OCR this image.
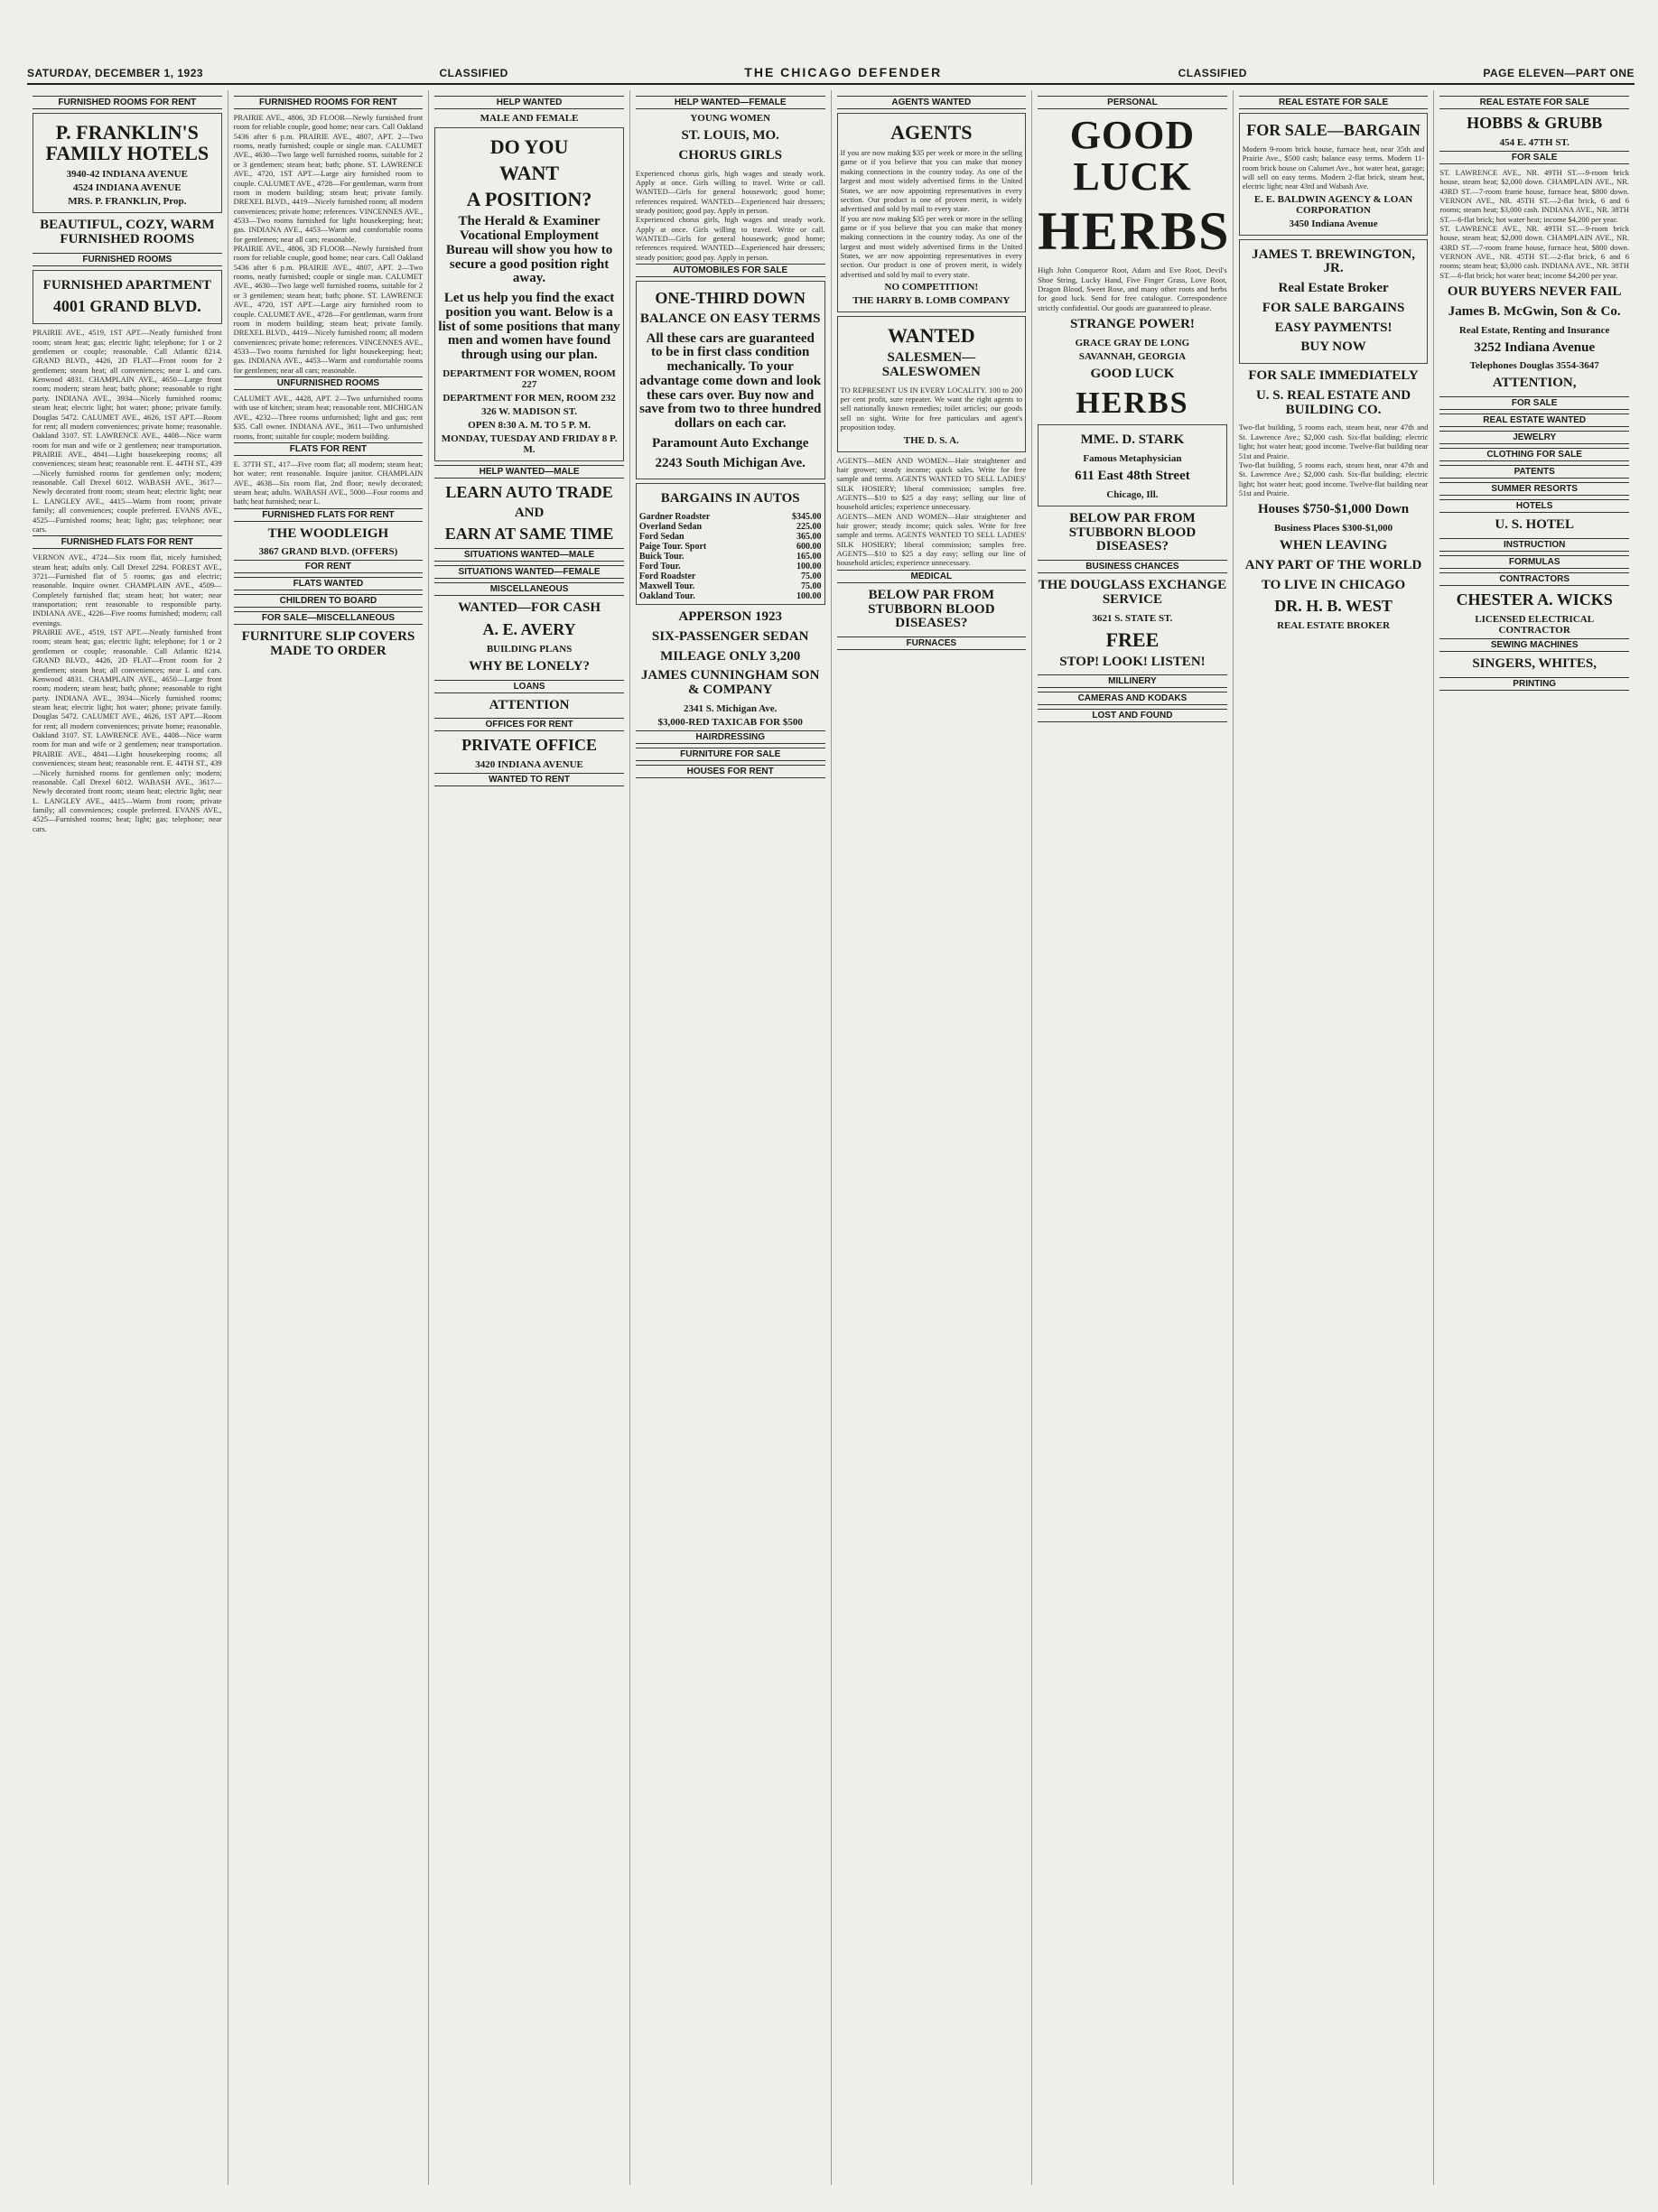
SATURDAY, DECEMBER 1, 1923	CLASSIFIED	THE CHICAGO DEFENDER	CLASSIFIED	PAGE ELEVEN—PART ONE
FURNISHED ROOMS FOR RENT
P. FRANKLIN'S FAMILY HOTELS
3940-42 INDIANA AVENUE
4524 INDIANA AVENUE
MRS. P. FRANKLIN, Prop.
BEAUTIFUL, COZY, WARM FURNISHED ROOMS
FURNISHED ROOMS
FURNISHED APARTMENT
4001 GRAND BLVD.
PRAIRIE AVE., 4519, 1ST APT.—Neatly furnished front room; steam heat; gas; electric light; telephone; for 1 or 2 gentlemen or couple; reasonable. Call Atlantic 8214. GRAND BLVD., 4426, 2D FLAT—Front room for 2 gentlemen; steam heat; all conveniences; near L and cars. Kenwood 4831. CHAMPLAIN AVE., 4650—Large front room; modern; steam heat; bath; phone; reasonable to right party. INDIANA AVE., 3934—Nicely furnished rooms; steam heat; electric light; hot water; phone; private family. Douglas 5472. CALUMET AVE., 4626, 1ST APT.—Room for rent; all modern conveniences; private home; reasonable. Oakland 3107. ST. LAWRENCE AVE., 4408—Nice warm room for man and wife or 2 gentlemen; near transportation. PRAIRIE AVE., 4841—Light housekeeping rooms; all conveniences; steam heat; reasonable rent. E. 44TH ST., 439—Nicely furnished rooms for gentlemen only; modern; reasonable. Call Drexel 6012. WABASH AVE., 3617—Newly decorated front room; steam heat; electric light; near L. LANGLEY AVE., 4415—Warm front room; private family; all conveniences; couple preferred. EVANS AVE., 4525—Furnished rooms; heat; light; gas; telephone; near cars.
FURNISHED FLATS FOR RENT
VERNON AVE., 4724—Six room flat, nicely furnished; steam heat; adults only. Call Drexel 2294. FOREST AVE., 3721—Furnished flat of 5 rooms; gas and electric; reasonable. Inquire owner. CHAMPLAIN AVE., 4509—Completely furnished flat; steam heat; hot water; near transportation; rent reasonable to responsible party. INDIANA AVE., 4226—Five rooms furnished; modern; call evenings.
PRAIRIE AVE., 4519, 1ST APT.—Neatly furnished front room; steam heat; gas; electric light; telephone; for 1 or 2 gentlemen or couple; reasonable. Call Atlantic 8214. GRAND BLVD., 4426, 2D FLAT—Front room for 2 gentlemen; steam heat; all conveniences; near L and cars. Kenwood 4831. CHAMPLAIN AVE., 4650—Large front room; modern; steam heat; bath; phone; reasonable to right party. INDIANA AVE., 3934—Nicely furnished rooms; steam heat; electric light; hot water; phone; private family. Douglas 5472. CALUMET AVE., 4626, 1ST APT.—Room for rent; all modern conveniences; private home; reasonable. Oakland 3107. ST. LAWRENCE AVE., 4408—Nice warm room for man and wife or 2 gentlemen; near transportation. PRAIRIE AVE., 4841—Light housekeeping rooms; all conveniences; steam heat; reasonable rent. E. 44TH ST., 439—Nicely furnished rooms for gentlemen only; modern; reasonable. Call Drexel 6012. WABASH AVE., 3617—Newly decorated front room; steam heat; electric light; near L. LANGLEY AVE., 4415—Warm front room; private family; all conveniences; couple preferred. EVANS AVE., 4525—Furnished rooms; heat; light; gas; telephone; near cars.
FURNISHED ROOMS FOR RENT
PRAIRIE AVE., 4806, 3D FLOOR—Newly furnished front room for reliable couple, good home; near cars. Call Oakland 5436 after 6 p.m. PRAIRIE AVE., 4807, APT. 2—Two rooms, neatly furnished; couple or single man. CALUMET AVE., 4630—Two large well furnished rooms, suitable for 2 or 3 gentlemen; steam heat; bath; phone. ST. LAWRENCE AVE., 4720, 1ST APT.—Large airy furnished room to couple. CALUMET AVE., 4728—For gentleman, warm front room in modern building; steam heat; private family. DREXEL BLVD., 4419—Nicely furnished room; all modern conveniences; private home; references. VINCENNES AVE., 4533—Two rooms furnished for light housekeeping; heat; gas. INDIANA AVE., 4453—Warm and comfortable rooms for gentlemen; near all cars; reasonable.
PRAIRIE AVE., 4806, 3D FLOOR—Newly furnished front room for reliable couple, good home; near cars. Call Oakland 5436 after 6 p.m. PRAIRIE AVE., 4807, APT. 2—Two rooms, neatly furnished; couple or single man. CALUMET AVE., 4630—Two large well furnished rooms, suitable for 2 or 3 gentlemen; steam heat; bath; phone. ST. LAWRENCE AVE., 4720, 1ST APT.—Large airy furnished room to couple. CALUMET AVE., 4728—For gentleman, warm front room in modern building; steam heat; private family. DREXEL BLVD., 4419—Nicely furnished room; all modern conveniences; private home; references. VINCENNES AVE., 4533—Two rooms furnished for light housekeeping; heat; gas. INDIANA AVE., 4453—Warm and comfortable rooms for gentlemen; near all cars; reasonable.
UNFURNISHED ROOMS
CALUMET AVE., 4428, APT. 2—Two unfurnished rooms with use of kitchen; steam heat; reasonable rent. MICHIGAN AVE., 4232—Three rooms unfurnished; light and gas; rent $35. Call owner. INDIANA AVE., 3611—Two unfurnished rooms, front; suitable for couple; modern building.
FLATS FOR RENT
E. 37TH ST., 417—Five room flat; all modern; steam heat; hot water; rent reasonable. Inquire janitor. CHAMPLAIN AVE., 4638—Six room flat, 2nd floor; newly decorated; steam heat; adults. WABASH AVE., 5000—Four rooms and bath; heat furnished; near L.
FURNISHED FLATS FOR RENT
THE WOODLEIGH
3867 GRAND BLVD. (OFFERS)
FOR RENT
FLATS WANTED
CHILDREN TO BOARD
FOR SALE—MISCELLANEOUS
FURNITURE SLIP COVERS MADE TO ORDER
HELP WANTED
MALE AND FEMALE
DO YOU
WANT
A POSITION?
The Herald & Examiner Vocational Employment Bureau will show you how to secure a good position right away.
Let us help you find the exact position you want. Below is a list of some positions that many men and women have found through using our plan.
DEPARTMENT FOR WOMEN, ROOM 227
DEPARTMENT FOR MEN, ROOM 232
326 W. MADISON ST.
OPEN 8:30 A. M. TO 5 P. M.
MONDAY, TUESDAY AND FRIDAY 8 P. M.
HELP WANTED—MALE
LEARN AUTO TRADE
AND
EARN AT SAME TIME
SITUATIONS WANTED—MALE
SITUATIONS WANTED—FEMALE
MISCELLANEOUS
WANTED—FOR CASH
A. E. AVERY
BUILDING PLANS
WHY BE LONELY?
LOANS
ATTENTION
OFFICES FOR RENT
PRIVATE OFFICE
3420 INDIANA AVENUE
WANTED TO RENT
HELP WANTED—FEMALE
YOUNG WOMEN
ST. LOUIS, MO.
CHORUS GIRLS
Experienced chorus girls, high wages and steady work. Apply at once. Girls willing to travel. Write or call. WANTED—Girls for general housework; good home; references required. WANTED—Experienced hair dressers; steady position; good pay. Apply in person.
Experienced chorus girls, high wages and steady work. Apply at once. Girls willing to travel. Write or call. WANTED—Girls for general housework; good home; references required. WANTED—Experienced hair dressers; steady position; good pay. Apply in person.
AUTOMOBILES FOR SALE
ONE-THIRD DOWN
BALANCE ON EASY TERMS
All these cars are guaranteed to be in first class condition mechanically. To your advantage come down and look these cars over. Buy now and save from two to three hundred dollars on each car.
Paramount Auto Exchange
2243 South Michigan Ave.
BARGAINS IN AUTOS
Gardner Roadster	$345.00
Overland Sedan	225.00
Ford Sedan	365.00
Paige Tour. Sport	600.00
Buick Tour.	165.00
Ford Tour.	100.00
Ford Roadster	75.00
Maxwell Tour.	75.00
Oakland Tour.	100.00
APPERSON 1923
SIX-PASSENGER SEDAN
MILEAGE ONLY 3,200
JAMES CUNNINGHAM SON & COMPANY
2341 S. Michigan Ave.
$3,000-RED TAXICAB FOR $500
HAIRDRESSING
FURNITURE FOR SALE
HOUSES FOR RENT
AGENTS WANTED
AGENTS
If you are now making $35 per week or more in the selling game or if you believe that you can make that money making connections in the country today. As one of the largest and most widely advertised firms in the United States, we are now appointing representatives in every section. Our product is one of proven merit, is widely advertised and sold by mail to every state.
If you are now making $35 per week or more in the selling game or if you believe that you can make that money making connections in the country today. As one of the largest and most widely advertised firms in the United States, we are now appointing representatives in every section. Our product is one of proven merit, is widely advertised and sold by mail to every state.
NO COMPETITION!
THE HARRY B. LOMB COMPANY
WANTED
SALESMEN—SALESWOMEN
TO REPRESENT US IN EVERY LOCALITY. 100 to 200 per cent profit, sure repeater. We want the right agents to sell nationally known remedies; toilet articles; our goods sell on sight. Write for free particulars and agent's proposition today.
THE D. S. A.
AGENTS—MEN AND WOMEN—Hair straightener and hair grower; steady income; quick sales. Write for free sample and terms. AGENTS WANTED TO SELL LADIES' SILK HOSIERY; liberal commission; samples free. AGENTS—$10 to $25 a day easy; selling our line of household articles; experience unnecessary.
AGENTS—MEN AND WOMEN—Hair straightener and hair grower; steady income; quick sales. Write for free sample and terms. AGENTS WANTED TO SELL LADIES' SILK HOSIERY; liberal commission; samples free. AGENTS—$10 to $25 a day easy; selling our line of household articles; experience unnecessary.
MEDICAL
BELOW PAR FROM STUBBORN BLOOD DISEASES?
FURNACES
PERSONAL
GOOD LUCK
HERBS
High John Conqueror Root, Adam and Eve Root, Devil's Shoe String, Lucky Hand, Five Finger Grass, Love Root, Dragon Blood, Sweet Rose, and many other roots and herbs for good luck. Send for free catalogue. Correspondence strictly confidential. Our goods are guaranteed to please.
STRANGE POWER!
GRACE GRAY DE LONG
SAVANNAH, GEORGIA
GOOD LUCK
HERBS
MME. D. STARK
Famous Metaphysician
611 East 48th Street
Chicago, Ill.
BELOW PAR FROM STUBBORN BLOOD DISEASES?
BUSINESS CHANCES
THE DOUGLASS EXCHANGE SERVICE
3621 S. STATE ST.
FREE
STOP! LOOK! LISTEN!
MILLINERY
CAMERAS AND KODAKS
LOST AND FOUND
REAL ESTATE FOR SALE
FOR SALE—BARGAIN
Modern 9-room brick house, furnace heat, near 35th and Prairie Ave., $500 cash; balance easy terms. Modern 11-room brick house on Calumet Ave., hot water heat, garage; will sell on easy terms. Modern 2-flat brick, steam heat, electric light; near 43rd and Wabash Ave.
E. E. BALDWIN AGENCY & LOAN CORPORATION
3450 Indiana Avenue
JAMES T. BREWINGTON, JR.
Real Estate Broker
FOR SALE BARGAINS
EASY PAYMENTS!
BUY NOW
FOR SALE IMMEDIATELY
U. S. REAL ESTATE AND BUILDING CO.
Two-flat building, 5 rooms each, steam heat, near 47th and St. Lawrence Ave.; $2,000 cash. Six-flat building; electric light; hot water heat; good income. Twelve-flat building near 51st and Prairie.
Two-flat building, 5 rooms each, steam heat, near 47th and St. Lawrence Ave.; $2,000 cash. Six-flat building; electric light; hot water heat; good income. Twelve-flat building near 51st and Prairie.
Houses $750-$1,000 Down
Business Places $300-$1,000
WHEN LEAVING
ANY PART OF THE WORLD
TO LIVE IN CHICAGO
DR. H. B. WEST
REAL ESTATE BROKER
REAL ESTATE FOR SALE
HOBBS & GRUBB
454 E. 47TH ST.
FOR SALE
ST. LAWRENCE AVE., NR. 49TH ST.—9-room brick house, steam heat; $2,000 down. CHAMPLAIN AVE., NR. 43RD ST.—7-room frame house, furnace heat, $800 down. VERNON AVE., NR. 45TH ST.—2-flat brick, 6 and 6 rooms; steam heat; $3,000 cash. INDIANA AVE., NR. 38TH ST.—6-flat brick; hot water heat; income $4,200 per year.
ST. LAWRENCE AVE., NR. 49TH ST.—9-room brick house, steam heat; $2,000 down. CHAMPLAIN AVE., NR. 43RD ST.—7-room frame house, furnace heat, $800 down. VERNON AVE., NR. 45TH ST.—2-flat brick, 6 and 6 rooms; steam heat; $3,000 cash. INDIANA AVE., NR. 38TH ST.—6-flat brick; hot water heat; income $4,200 per year.
OUR BUYERS NEVER FAIL
James B. McGwin, Son & Co.
Real Estate, Renting and Insurance
3252 Indiana Avenue
Telephones Douglas 3554-3647
ATTENTION,
FOR SALE
REAL ESTATE WANTED
JEWELRY
CLOTHING FOR SALE
PATENTS
SUMMER RESORTS
HOTELS
U. S. HOTEL
INSTRUCTION
FORMULAS
CONTRACTORS
CHESTER A. WICKS
LICENSED ELECTRICAL CONTRACTOR
SEWING MACHINES
SINGERS, WHITES,
PRINTING
